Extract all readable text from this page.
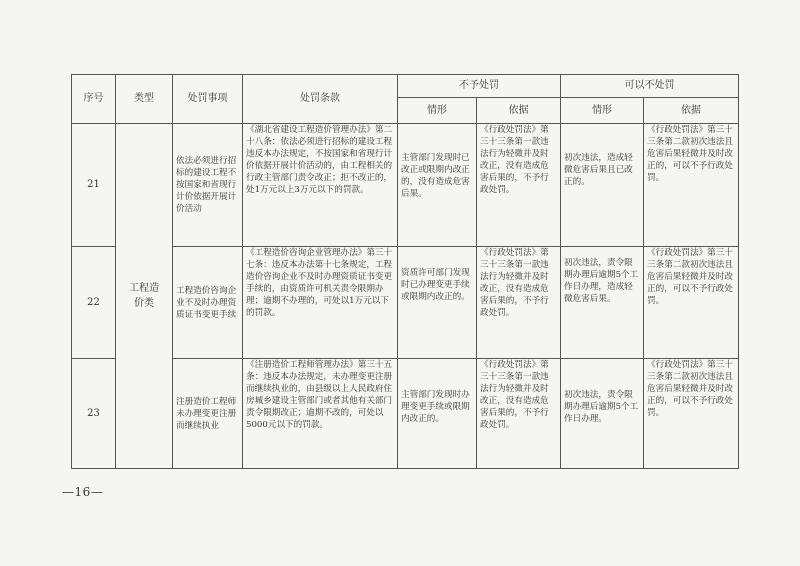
序号	类型	处罚事项	处罚条款	不予处罚		可以不处罚	
				情形	依据	情形	依据
21	工程造价类	依法必须进行招标的建设工程不按国家和省现行计价依据开展计价活动	《湖北省建设工程造价管理办法》第二十八条：依法必须进行招标的建设工程违反本办法规定，不按国家和省现行计价依据开展计价活动的，由工程相关的行政主管部门责令改正；拒不改正的，处1万元以上3万元以下的罚款。	主管部门发现时已改正或限期内改正的，没有造成危害后果。	《行政处罚法》第三十三条第一款违法行为轻微并及时改正，没有造成危害后果的，不予行政处罚。	初次违法，造成轻微危害后果且已改正的。	《行政处罚法》第三十三条第二款初次违法且危害后果轻微并及时改正的，可以不予行政处罚。
22		工程造价咨询企业不及时办理资质证书变更手续	《工程造价咨询企业管理办法》第三十七条：违反本办法第十七条规定，工程造价咨询企业不及时办理资质证书变更手续的，由资质许可机关责令限期办理；逾期不办理的，可处以1万元以下的罚款。	资质许可部门发现时已办理变更手续或限期内改正的。	《行政处罚法》第三十三条第一款违法行为轻微并及时改正，没有造成危害后果的，不予行政处罚。	初次违法，责令限期办理后逾期5个工作日办理，造成轻微危害后果。	《行政处罚法》第三十三条第二款初次违法且危害后果轻微并及时改正的，可以不予行政处罚。
23		注册造价工程师未办理变更注册而继续执业	《注册造价工程师管理办法》第三十五条：违反本办法规定，未办理变更注册而继续执业的，由县级以上人民政府住房城乡建设主管部门或者其他有关部门责令限期改正；逾期不改的，可处以5000元以下的罚款。	主管部门发现时办理变更手续或限期内改正的。	《行政处罚法》第三十三条第一款违法行为轻微并及时改正，没有造成危害后果的，不予行政处罚。	初次违法，责令限期办理后逾期5个工作日办理。	《行政处罚法》第三十三条第二款初次违法且危害后果轻微并及时改正的，可以不予行政处罚。
—16—
